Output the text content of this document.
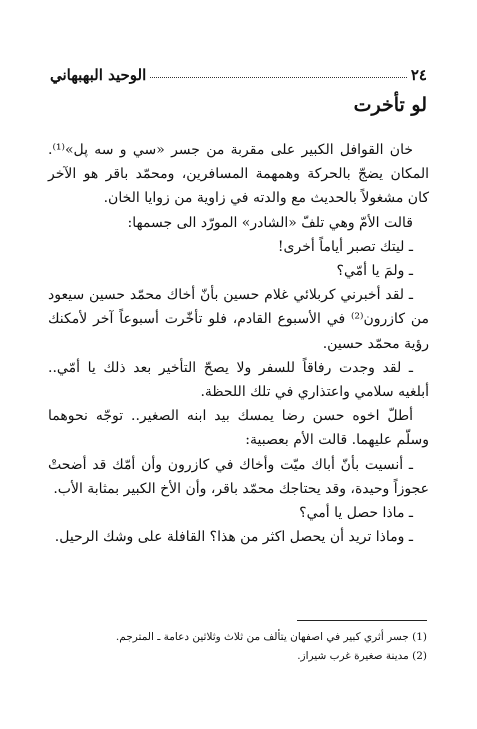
٢٤
الوحيد البهبهاني
لو تأخرت

خان القوافل الكبير على مقربة من جسر «سي و سه پل»⁽¹⁾. المكان يضجّ بالحركة وهمهمة المسافرين، ومحمّد باقر هو الآخر كان مشغولاً بالحديث مع والدته في زاوية من زوايا الخان.

قالت الأمّ وهي تلفّ «الشادر» المورّد الى جسمها:

ـ ليتك تصبر أياماً أخرى!

ـ ولمَ يا أمّي؟

ـ لقد أخبرني كربلائي غلام حسين بأنّ أخاك محمّد حسين سيعود من كازرون⁽²⁾ في الأسبوع القادم، فلو تأخّرت أسبوعاً آخر لأمكنك رؤية محمّد حسين.

ـ لقد وجدت رفاقاً للسفر ولا يصحّ التأخير بعد ذلك يا أمّي.. أبلغيه سلامي واعتذاري في تلك اللحظة.

أطلّ اخوه حسن رضا يمسك بيد ابنه الصغير.. توجّه نحوهما وسلّم عليهما. قالت الأم بعصبية:

ـ أنسيت بأنّ أباك ميّت وأخاك في كازرون وأن أمّك قد أضحتْ عجوزاً وحيدة، وقد يحتاجك محمّد باقر، وأن الأخ الكبير بمثابة الأب.

ـ ماذا حصل يا أمي؟

ـ وماذا تريد أن يحصل اكثر من هذا؟ القافلة على وشك الرحيل.

(1) جسر أثري كبير في اصفهان يتألف من ثلاث وثلاثين دعامة ـ المترجم.

(2) مدينة صغيرة غرب شيراز.
